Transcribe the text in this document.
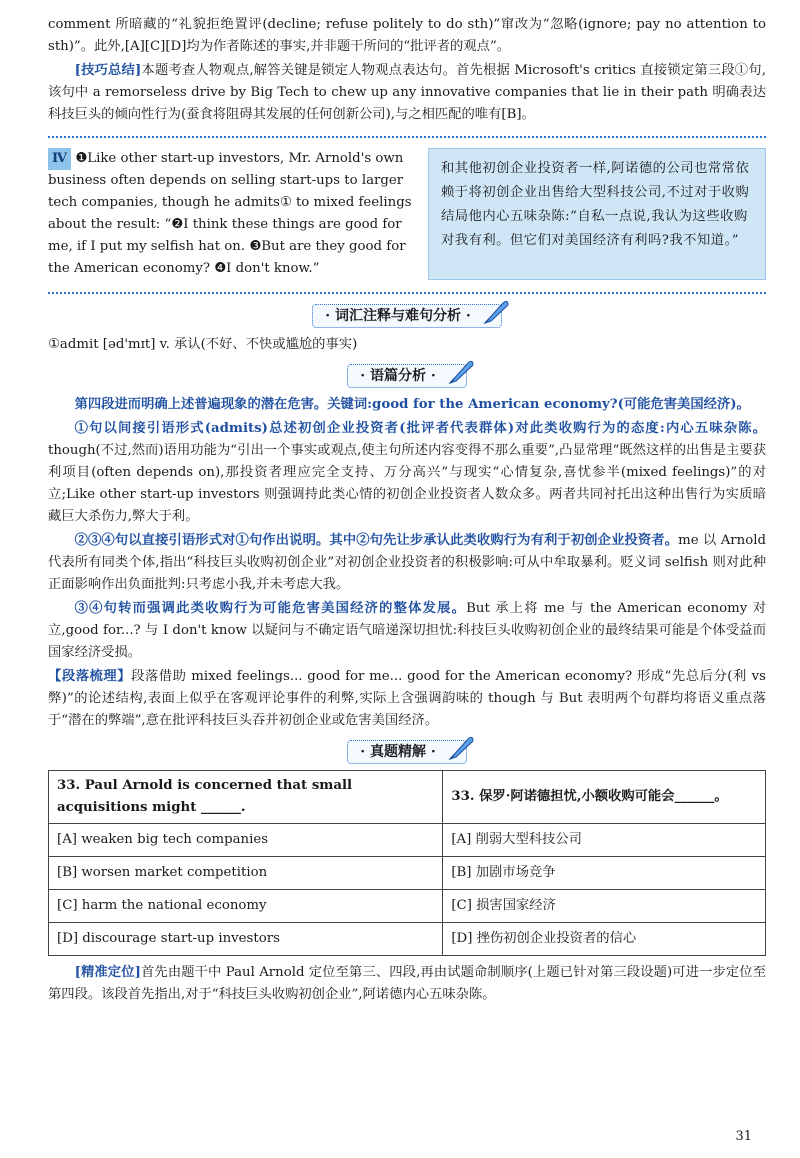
comment 所暗藏的“礼貌拒绝置评(decline; refuse politely to do sth)”窜改为“忽略(ignore; pay no attention to sth)”。此外,[A][C][D]均为作者陈述的事实,并非题干所问的“批评者的观点”。

[技巧总结]本题考查人物观点,解答关键是锁定人物观点表达句。首先根据 Microsoft's critics 直接锁定第三段①句,该句中 a remorseless drive by Big Tech to chew up any innovative companies that lie in their path 明确表达科技巨头的倾向性行为(蚕食将阻碍其发展的任何创新公司),与之相匹配的唯有[B]。

Ⅳ ❶Like other start-up investors, Mr. Arnold's own business often depends on selling start-ups to larger tech companies, though he admits① to mixed feelings about the result: “❷I think these things are good for me, if I put my selfish hat on. ❸But are they good for the American economy? ❹I don't know.”
和其他初创企业投资者一样,阿诺德的公司也常常依赖于将初创企业出售给大型科技公司,不过对于收购结局他内心五味杂陈:“自私一点说,我认为这些收购对我有利。但它们对美国经济有利吗?我不知道。”
· 词汇注释与难句分析 ·

①admit [əd'mɪt] v. 承认(不好、不快或尴尬的事实)

· 语篇分析 ·

第四段进而明确上述普遍现象的潜在危害。关键词:good for the American economy?(可能危害美国经济)。

①句以间接引语形式(admits)总述初创企业投资者(批评者代表群体)对此类收购行为的态度:内心五味杂陈。though(不过,然而)语用功能为“引出一个事实或观点,使主句所述内容变得不那么重要”,凸显常理“既然这样的出售是主要获利项目(often depends on),那投资者理应完全支持、万分高兴”与现实“心情复杂,喜忧参半(mixed feelings)”的对立;Like other start-up investors 则强调持此类心情的初创企业投资者人数众多。两者共同衬托出这种出售行为实质暗藏巨大杀伤力,弊大于利。

②③④句以直接引语形式对①句作出说明。其中②句先让步承认此类收购行为有利于初创企业投资者。me 以 Arnold 代表所有同类个体,指出“科技巨头收购初创企业”对初创企业投资者的积极影响:可从中牟取暴利。贬义词 selfish 则对此种正面影响作出负面批判:只考虑小我,并未考虑大我。

③④句转而强调此类收购行为可能危害美国经济的整体发展。But 承上将 me 与 the American economy 对立,good for...? 与 I don't know 以疑问与不确定语气暗递深切担忧:科技巨头收购初创企业的最终结果可能是个体受益而国家经济受损。

【段落梳理】段落借助 mixed feelings... good for me... good for the American economy? 形成“先总后分(利 vs 弊)”的论述结构,表面上似乎在客观评论事件的利弊,实际上含强调韵味的 though 与 But 表明两个句群均将语义重点落于“潜在的弊端”,意在批评科技巨头吞并初创企业或危害美国经济。

· 真题精解 ·
33. Paul Arnold is concerned that small acquisitions might ______.	33. 保罗·阿诺德担忧,小额收购可能会______。
[A] weaken big tech companies	[A] 削弱大型科技公司
[B] worsen market competition	[B] 加剧市场竞争
[C] harm the national economy	[C] 损害国家经济
[D] discourage start-up investors	[D] 挫伤初创企业投资者的信心

[精准定位]首先由题干中 Paul Arnold 定位至第三、四段,再由试题命制顺序(上题已针对第三段设题)可进一步定位至第四段。该段首先指出,对于“科技巨头收购初创企业”,阿诺德内心五味杂陈。

31
